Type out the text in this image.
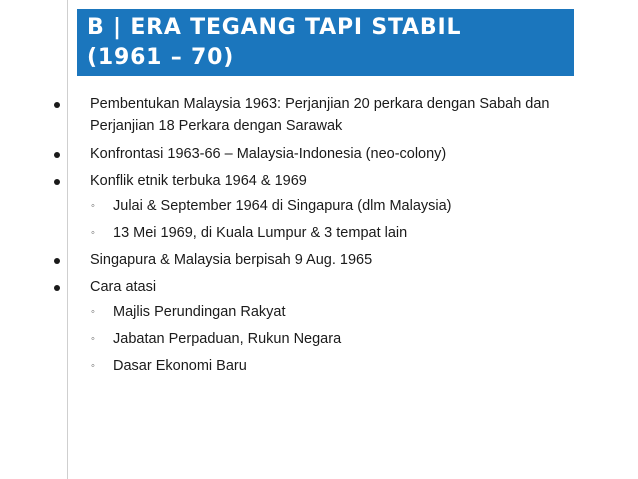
B | ERA TEGANG TAPI STABIL
(1961 – 70)
Pembentukan Malaysia 1963: Perjanjian 20 perkara dengan Sabah dan
Perjanjian 18 Perkara dengan Sarawak
Konfrontasi 1963-66 – Malaysia-Indonesia (neo-colony)
Konflik etnik terbuka 1964 & 1969
◦ Julai & September 1964 di Singapura (dlm Malaysia)
◦ 13 Mei 1969, di Kuala Lumpur & 3 tempat lain
Singapura & Malaysia berpisah 9 Aug. 1965
Cara atasi
◦ Majlis Perundingan Rakyat
◦ Jabatan Perpaduan, Rukun Negara
◦ Dasar Ekonomi Baru
